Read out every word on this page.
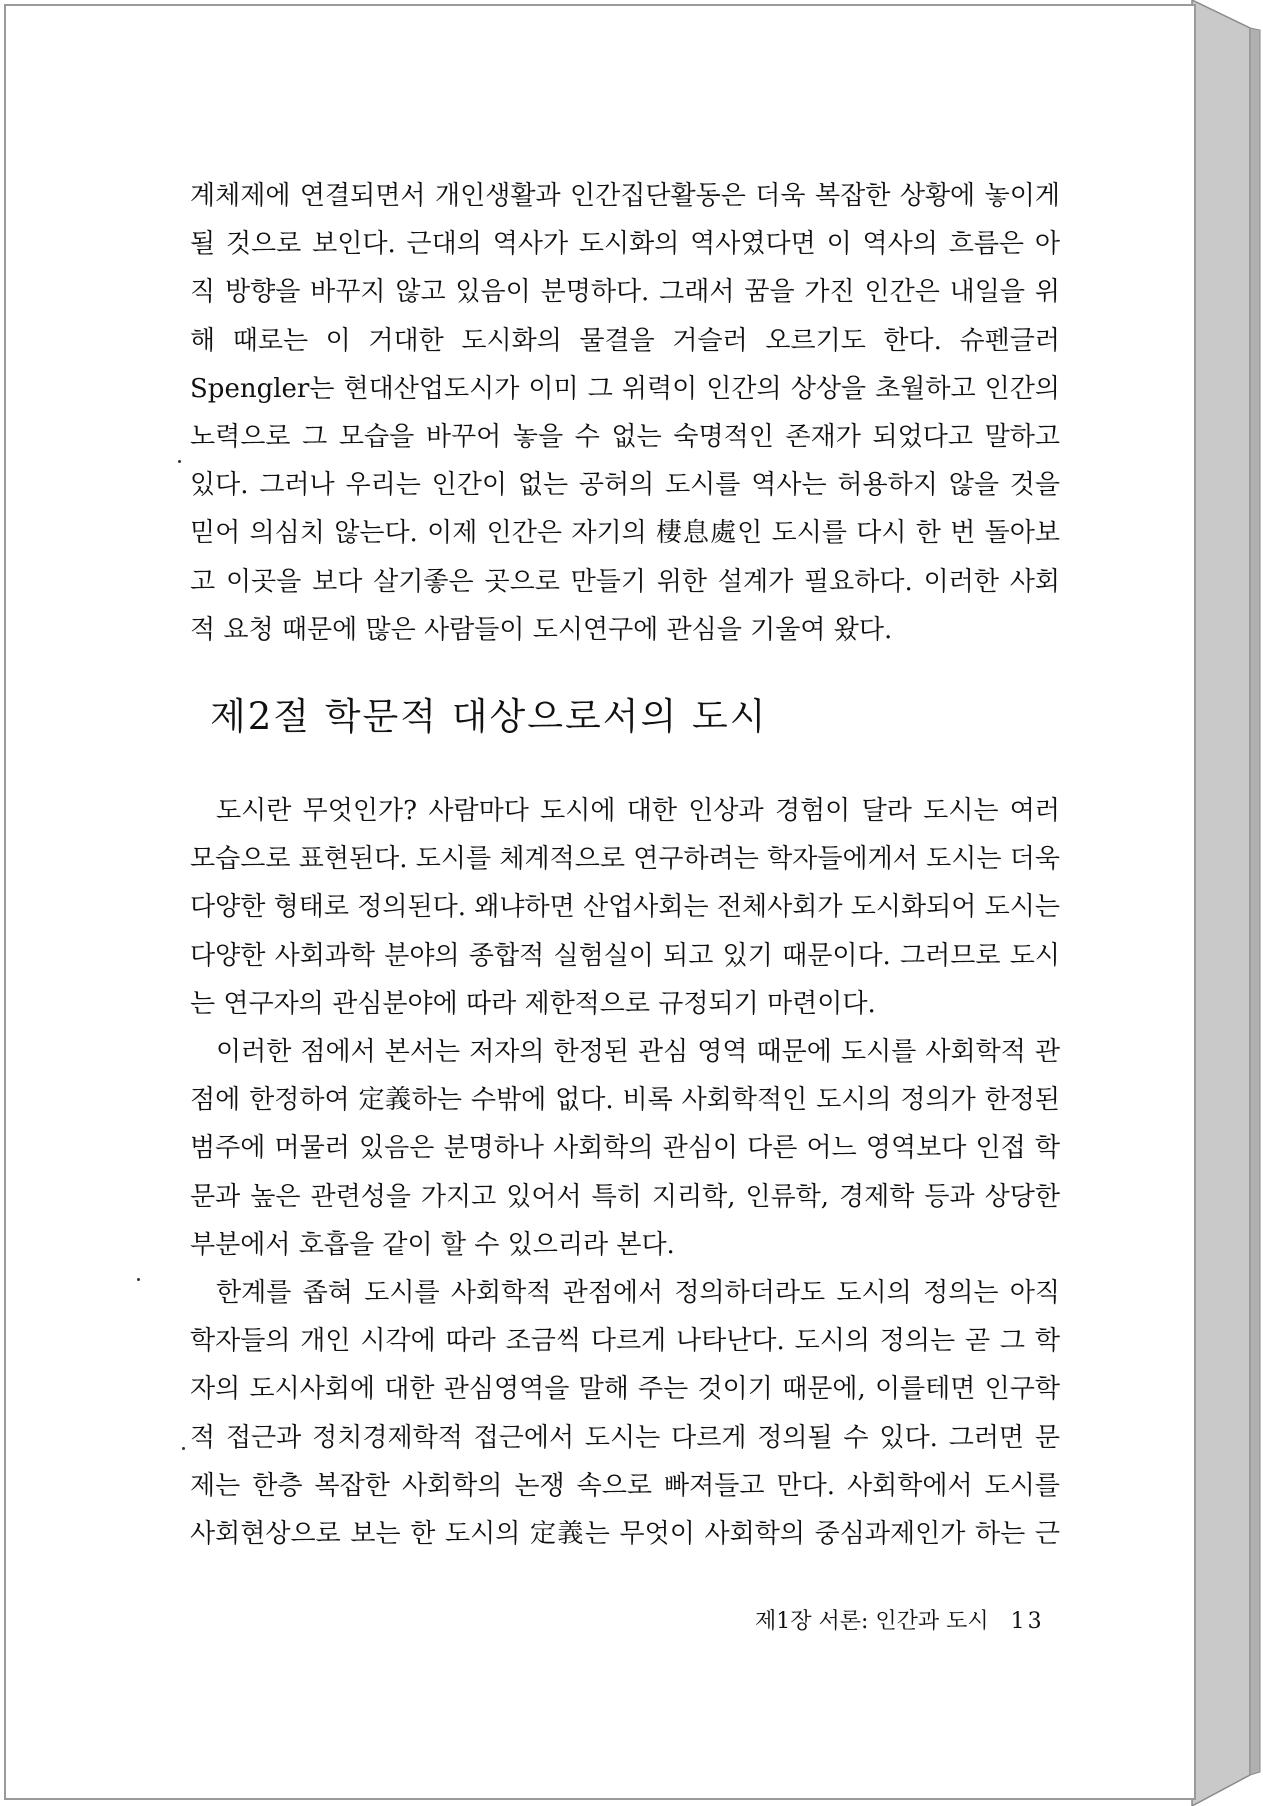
계체제에 연결되면서 개인생활과 인간집단활동은 더욱 복잡한 상황에 놓이게

될 것으로 보인다. 근대의 역사가 도시화의 역사였다면 이 역사의 흐름은 아

직 방향을 바꾸지 않고 있음이 분명하다. 그래서 꿈을 가진 인간은 내일을 위

해 때로는 이 거대한 도시화의 물결을 거슬러 오르기도 한다. 슈펜글러

Spengler는 현대산업도시가 이미 그 위력이 인간의 상상을 초월하고 인간의

노력으로 그 모습을 바꾸어 놓을 수 없는 숙명적인 존재가 되었다고 말하고

있다. 그러나 우리는 인간이 없는 공허의 도시를 역사는 허용하지 않을 것을

믿어 의심치 않는다. 이제 인간은 자기의 棲息處인 도시를 다시 한 번 돌아보

고 이곳을 보다 살기좋은 곳으로 만들기 위한 설계가 필요하다. 이러한 사회

적 요청 때문에 많은 사람들이 도시연구에 관심을 기울여 왔다.

제2절 학문적 대상으로서의 도시

도시란 무엇인가? 사람마다 도시에 대한 인상과 경험이 달라 도시는 여러

모습으로 표현된다. 도시를 체계적으로 연구하려는 학자들에게서 도시는 더욱

다양한 형태로 정의된다. 왜냐하면 산업사회는 전체사회가 도시화되어 도시는

다양한 사회과학 분야의 종합적 실험실이 되고 있기 때문이다. 그러므로 도시

는 연구자의 관심분야에 따라 제한적으로 규정되기 마련이다.

이러한 점에서 본서는 저자의 한정된 관심 영역 때문에 도시를 사회학적 관

점에 한정하여 定義하는 수밖에 없다. 비록 사회학적인 도시의 정의가 한정된

범주에 머물러 있음은 분명하나 사회학의 관심이 다른 어느 영역보다 인접 학

문과 높은 관련성을 가지고 있어서 특히 지리학, 인류학, 경제학 등과 상당한

부분에서 호흡을 같이 할 수 있으리라 본다.

한계를 좁혀 도시를 사회학적 관점에서 정의하더라도 도시의 정의는 아직

학자들의 개인 시각에 따라 조금씩 다르게 나타난다. 도시의 정의는 곧 그 학

자의 도시사회에 대한 관심영역을 말해 주는 것이기 때문에, 이를테면 인구학

적 접근과 정치경제학적 접근에서 도시는 다르게 정의될 수 있다. 그러면 문

제는 한층 복잡한 사회학의 논쟁 속으로 빠져들고 만다. 사회학에서 도시를

사회현상으로 보는 한 도시의 定義는 무엇이 사회학의 중심과제인가 하는 근

제1장 서론: 인간과 도시 13
